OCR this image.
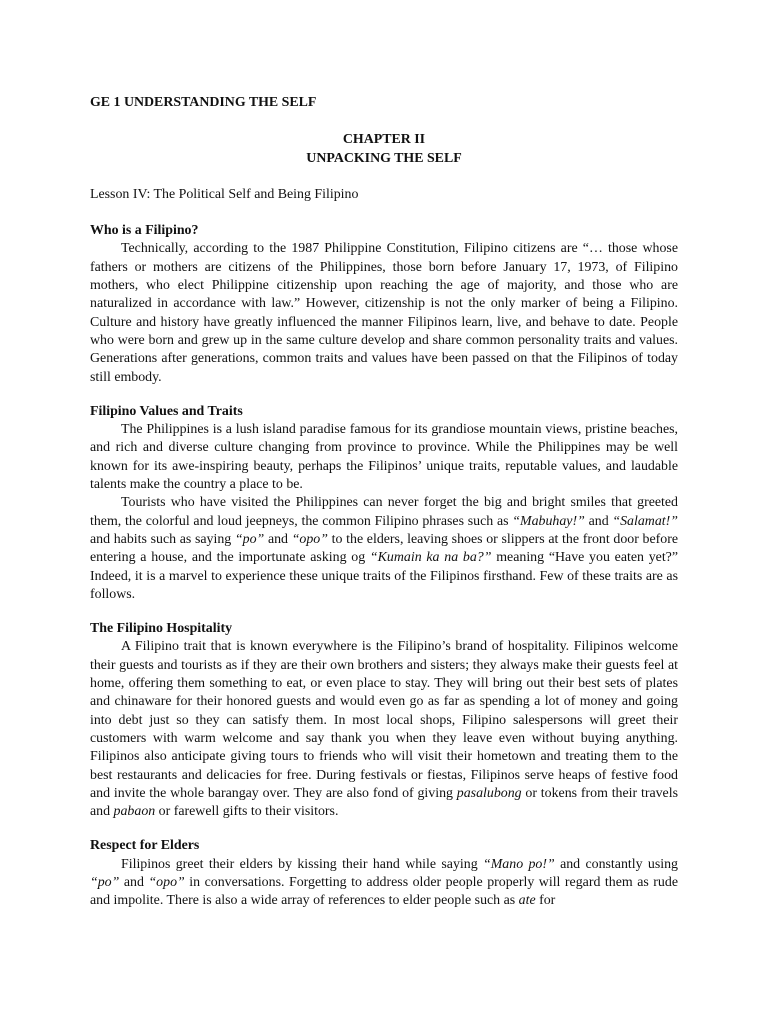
GE 1 UNDERSTANDING THE SELF
CHAPTER II
UNPACKING THE SELF
Lesson IV: The Political Self and Being Filipino
Who is a Filipino?

Technically, according to the 1987 Philippine Constitution, Filipino citizens are “… those whose fathers or mothers are citizens of the Philippines, those born before January 17, 1973, of Filipino mothers, who elect Philippine citizenship upon reaching the age of majority, and those who are naturalized in accordance with law.” However, citizenship is not the only marker of being a Filipino. Culture and history have greatly influenced the manner Filipinos learn, live, and behave to date. People who were born and grew up in the same culture develop and share common personality traits and values. Generations after generations, common traits and values have been passed on that the Filipinos of today still embody.

Filipino Values and Traits

The Philippines is a lush island paradise famous for its grandiose mountain views, pristine beaches, and rich and diverse culture changing from province to province. While the Philippines may be well known for its awe-inspiring beauty, perhaps the Filipinos’ unique traits, reputable values, and laudable talents make the country a place to be.

Tourists who have visited the Philippines can never forget the big and bright smiles that greeted them, the colorful and loud jeepneys, the common Filipino phrases such as “Mabuhay!” and “Salamat!” and habits such as saying “po” and “opo” to the elders, leaving shoes or slippers at the front door before entering a house, and the importunate asking og “Kumain ka na ba?” meaning “Have you eaten yet?” Indeed, it is a marvel to experience these unique traits of the Filipinos firsthand. Few of these traits are as follows.

The Filipino Hospitality

A Filipino trait that is known everywhere is the Filipino’s brand of hospitality. Filipinos welcome their guests and tourists as if they are their own brothers and sisters; they always make their guests feel at home, offering them something to eat, or even place to stay. They will bring out their best sets of plates and chinaware for their honored guests and would even go as far as spending a lot of money and going into debt just so they can satisfy them. In most local shops, Filipino salespersons will greet their customers with warm welcome and say thank you when they leave even without buying anything. Filipinos also anticipate giving tours to friends who will visit their hometown and treating them to the best restaurants and delicacies for free. During festivals or fiestas, Filipinos serve heaps of festive food and invite the whole barangay over. They are also fond of giving pasalubong or tokens from their travels and pabaon or farewell gifts to their visitors.

Respect for Elders

Filipinos greet their elders by kissing their hand while saying “Mano po!” and constantly using “po” and “opo” in conversations. Forgetting to address older people properly will regard them as rude and impolite. There is also a wide array of references to elder people such as ate for
